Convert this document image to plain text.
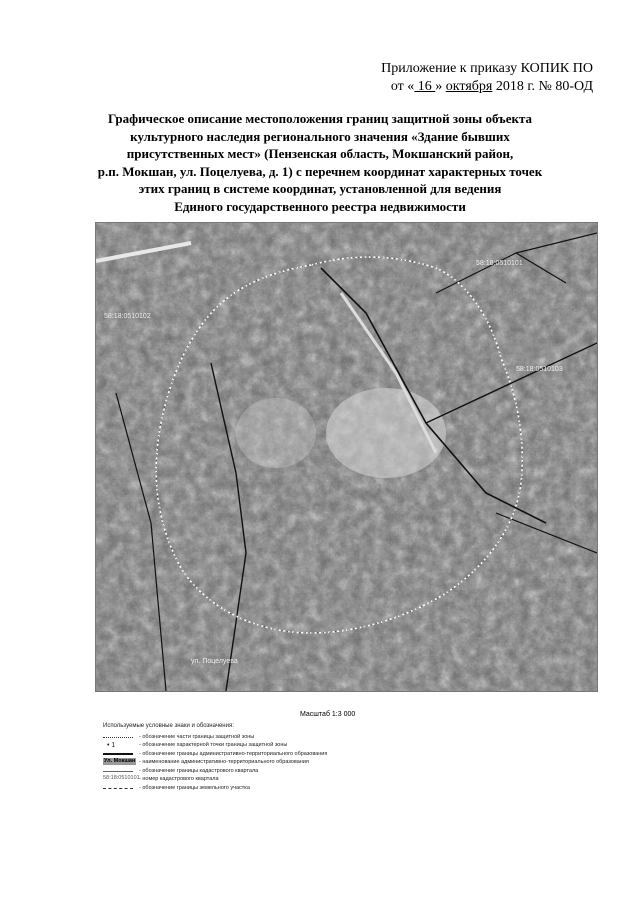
Приложение к приказу КОПИК ПО
от « 16 » октября 2018 г. № 80-ОД
Графическое описание местоположения границ защитной зоны объекта
культурного наследия регионального значения «Здание бывших
присутственных мест» (Пензенская область, Мокшанский район,
р.п. Мокшан, ул. Поцелуева, д. 1) с перечнем координат характерных точек
этих границ в системе координат, установленной для ведения
Единого государственного реестра недвижимости
58:18:0510101
58:18:0510102
58:18:0510103
ул. Поцелуева
Масштаб 1:3 000
Используемые условные знаки и обозначения:
- обозначение части границы защитной зоны
• 1	- обозначение характерной точки границы защитной зоны
- обозначение границы административно-территориального образования
Ул. Мокшан - наименование административно-территориального образования
- обозначение границы кадастрового квартала
58:18:0510101 - номер кадастрового квартала
- обозначение границы земельного участка
